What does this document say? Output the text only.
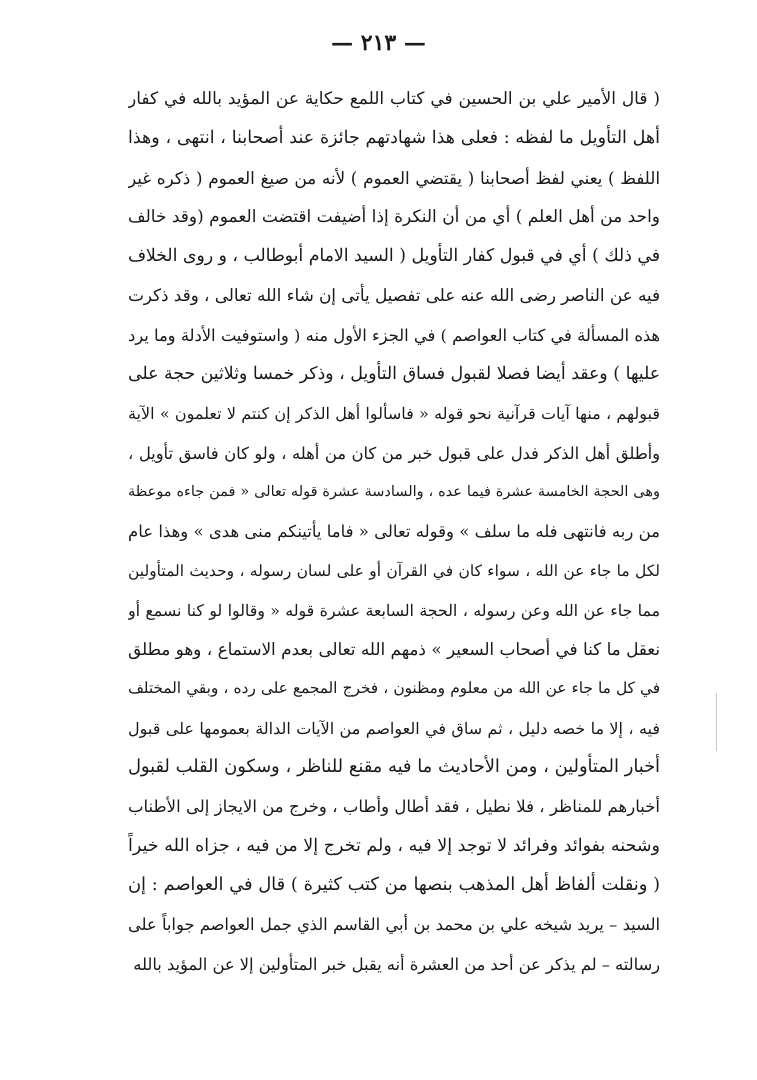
— ٢١٣ —
( قال الأمير علي بن الحسين في كتاب اللمع حكاية عن المؤيد بالله في كفار
أهل التأويل ما لفظه : فعلى هذا شهادتهم جائزة عند أصحابنا ، انتهى ، وهذا
اللفظ ) يعني لفظ أصحابنا ( يقتضي العموم ) لأنه من صيغ العموم ( ذكره غير
واحد من أهل العلم ) أي من أن النكرة إذا أضيفت اقتضت العموم (وقد خالف
في ذلك ) أي في قبول كفار التأويل ( السيد الامام أبوطالب ، و روى الخلاف
فيه عن الناصر رضى الله عنه على تفصيل يأتى إن شاء الله تعالى ، وقد ذكرت
هذه المسألة في كتاب العواصم ) في الجزء الأول منه ( واستوفيت الأدلة وما يرد
عليها ) وعقد أيضا فصلا لقبول فساق التأويل ، وذكر خمسا وثلاثين حجة على
قبولهم ، منها آيات قرآنية نحو قوله « فاسألوا أهل الذكر إن كنتم لا تعلمون » الآية
وأطلق أهل الذكر فدل على قبول خبر من كان من أهله ، ولو كان فاسق تأويل ،
وهى الحجة الخامسة عشرة فيما عده ، والسادسة عشرة قوله تعالى « فمن جاءه موعظة
من ربه فانتهى فله ما سلف » وقوله تعالى « فاما يأتينكم منى هدى » وهذا عام
لكل ما جاء عن الله ، سواء كان في القرآن أو على لسان رسوله ، وحديث المتأولين
مما جاء عن الله وعن رسوله ، الحجة السابعة عشرة قوله « وقالوا لو كنا نسمع أو
نعقل ما كنا في أصحاب السعير » ذمهم الله تعالى بعدم الاستماع ، وهو مطلق
في كل ما جاء عن الله من معلوم ومظنون ، فخرج المجمع على رده ، وبقي المختلف
فيه ، إلا ما خصه دليل ، ثم ساق في العواصم من الآيات الدالة بعمومها على قبول
أخبار المتأولين ، ومن الأحاديث ما فيه مقنع للناظر ، وسكون القلب لقبول
أخبارهم للمناظر ، فلا نطيل ، فقد أطال وأطاب ، وخرج من الايجاز إلى الأطناب
وشحنه بفوائد وفرائد لا توجد إلا فيه ، ولم تخرج إلا من فيه ، جزاه الله خيراً
( ونقلت ألفاظ أهل المذهب بنصها من كتب كثيرة ) قال في العواصم : إن
السيد – يريد شيخه علي بن محمد بن أبي القاسم الذي جمل العواصم جواباً على
رسالته – لم يذكر عن أحد من العشرة أنه يقبل خبر المتأولين إلا عن المؤيد بالله
